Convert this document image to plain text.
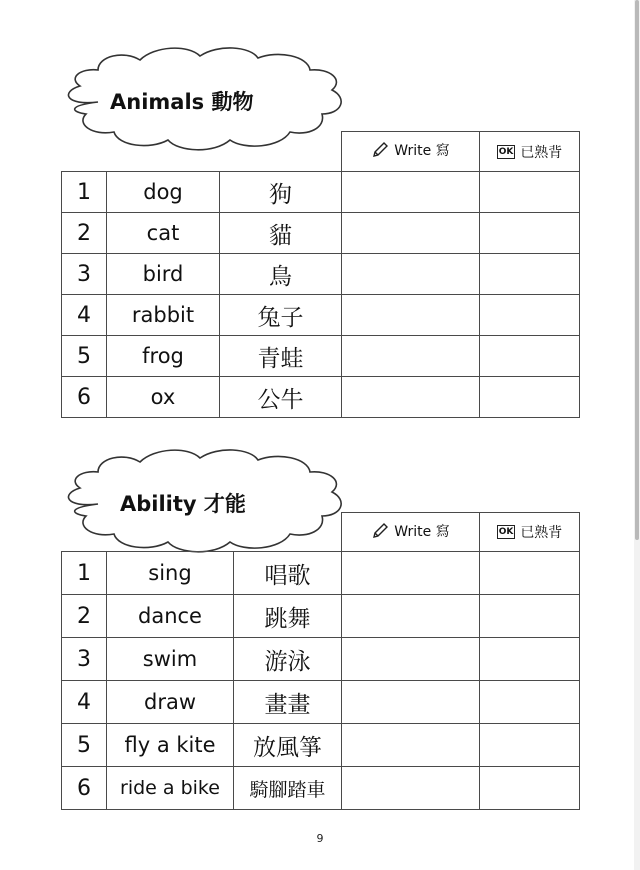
Animals 動物

			Write 寫	OK 已熟背

1	dog	狗		
2	cat	貓		
3	bird	鳥		
4	rabbit	兔子		
5	frog	青蛙		
6	ox	公牛		
Ability 才能

			Write 寫	OK 已熟背

1	sing	唱歌		
2	dance	跳舞		
3	swim	游泳		
4	draw	畫畫		
5	fly a kite	放風箏		
6	ride a bike	騎腳踏車		
9
